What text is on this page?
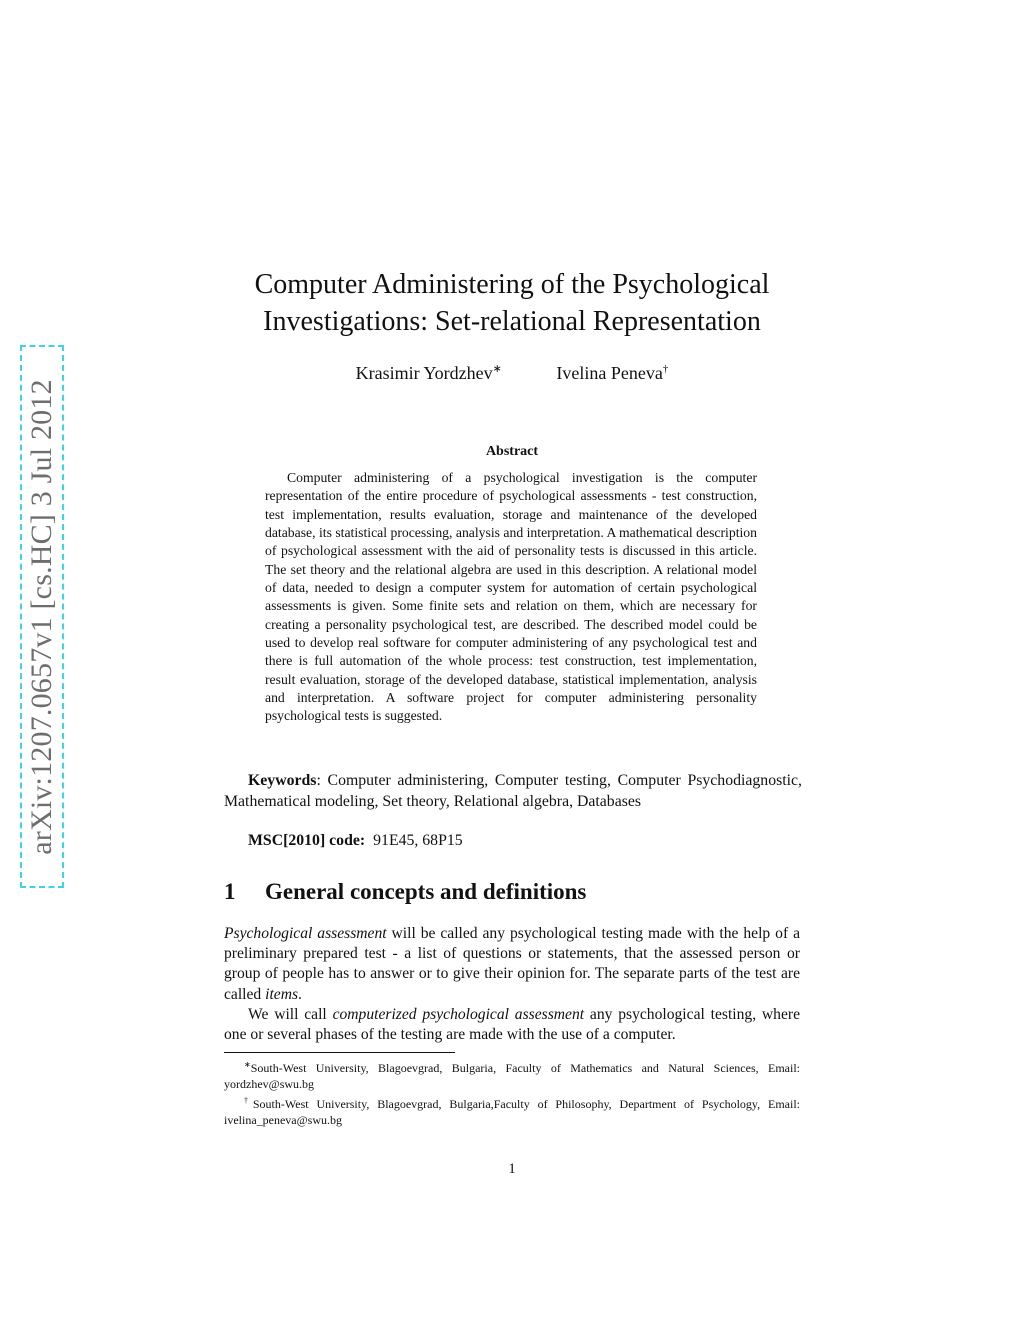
arXiv:1207.0657v1 [cs.HC] 3 Jul 2012
Computer Administering of the Psychological
Investigations: Set-relational Representation
Krasimir Yordzhev∗	Ivelina Peneva†
Abstract

Computer administering of a psychological investigation is the computer representation of the entire procedure of psychological assessments - test construction, test implementation, results evaluation, storage and maintenance of the developed database, its statistical processing, analysis and interpretation. A mathematical description of psychological assessment with the aid of personality tests is discussed in this article. The set theory and the relational algebra are used in this description. A relational model of data, needed to design a computer system for automation of certain psychological assessments is given. Some finite sets and relation on them, which are necessary for creating a personality psychological test, are described. The described model could be used to develop real software for computer administering of any psychological test and there is full automation of the whole process: test construction, test implementation, result evaluation, storage of the developed database, statistical implementation, analysis and interpretation. A software project for computer administering personality psychological tests is suggested.

Keywords: Computer administering, Computer testing, Computer Psychodiagnostic, Mathematical modeling, Set theory, Relational algebra, Databases

MSC[2010] code: 91E45, 68P15
1 General concepts and definitions

Psychological assessment will be called any psychological testing made with the help of a preliminary prepared test - a list of questions or statements, that the assessed person or group of people has to answer or to give their opinion for. The separate parts of the test are called items.

We will call computerized psychological assessment any psychological testing, where one or several phases of the testing are made with the use of a computer.

∗South-West University, Blagoevgrad, Bulgaria, Faculty of Mathematics and Natural Sciences, Email: yordzhev@swu.bg

†South-West University, Blagoevgrad, Bulgaria,Faculty of Philosophy, Department of Psychology, Email: ivelina_peneva@swu.bg

1
